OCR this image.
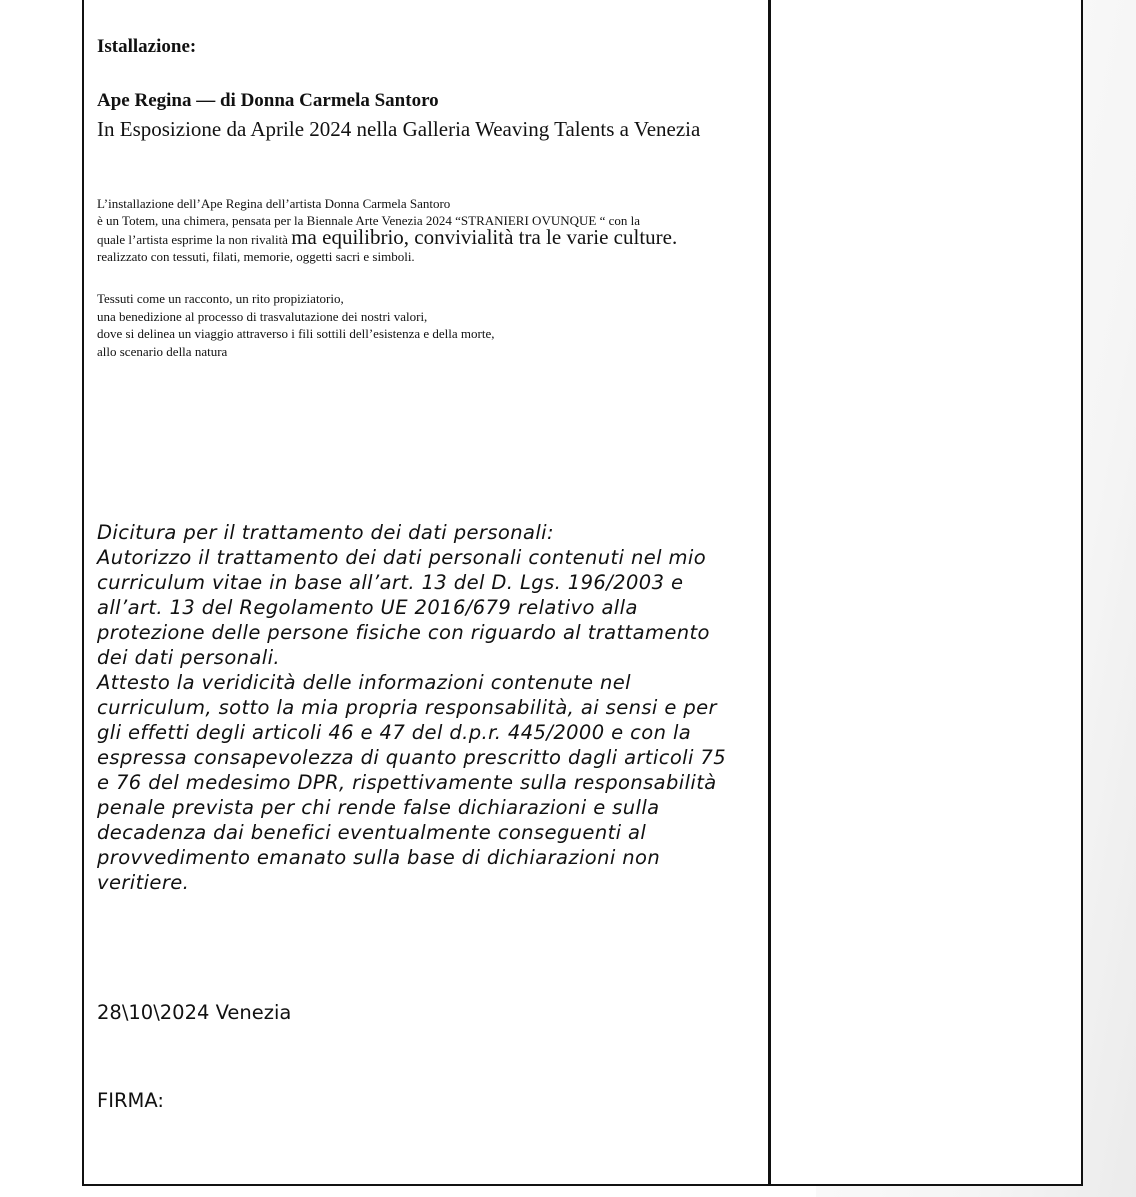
Istallazione:
Ape Regina — di Donna Carmela Santoro
In Esposizione da Aprile 2024 nella Galleria Weaving Talents a Venezia
L’installazione dell’Ape Regina dell’artista Donna Carmela Santoro
è un Totem, una chimera, pensata per la Biennale Arte Venezia 2024 “STRANIERI OVUNQUE “ con la
quale l’artista esprime la non rivalità ma equilibrio, convivialità tra le varie culture.
realizzato con tessuti, filati, memorie, oggetti sacri e simboli.
Tessuti come un racconto, un rito propiziatorio,
una benedizione al processo di trasvalutazione dei nostri valori,
dove si delinea un viaggio attraverso i fili sottili dell’esistenza e della morte,
allo scenario della natura
Dicitura per il trattamento dei dati personali:
Autorizzo il trattamento dei dati personali contenuti nel mio
curriculum vitae in base all’art. 13 del D. Lgs. 196/2003 e
all’art. 13 del Regolamento UE 2016/679 relativo alla
protezione delle persone fisiche con riguardo al trattamento
dei dati personali.
Attesto la veridicità delle informazioni contenute nel
curriculum, sotto la mia propria responsabilità, ai sensi e per
gli effetti degli articoli 46 e 47 del d.p.r. 445/2000 e con la
espressa consapevolezza di quanto prescritto dagli articoli 75
e 76 del medesimo DPR, rispettivamente sulla responsabilità
penale prevista per chi rende false dichiarazioni e sulla
decadenza dai benefici eventualmente conseguenti al
provvedimento emanato sulla base di dichiarazioni non
veritiere.
28\10\2024 Venezia
FIRMA:
